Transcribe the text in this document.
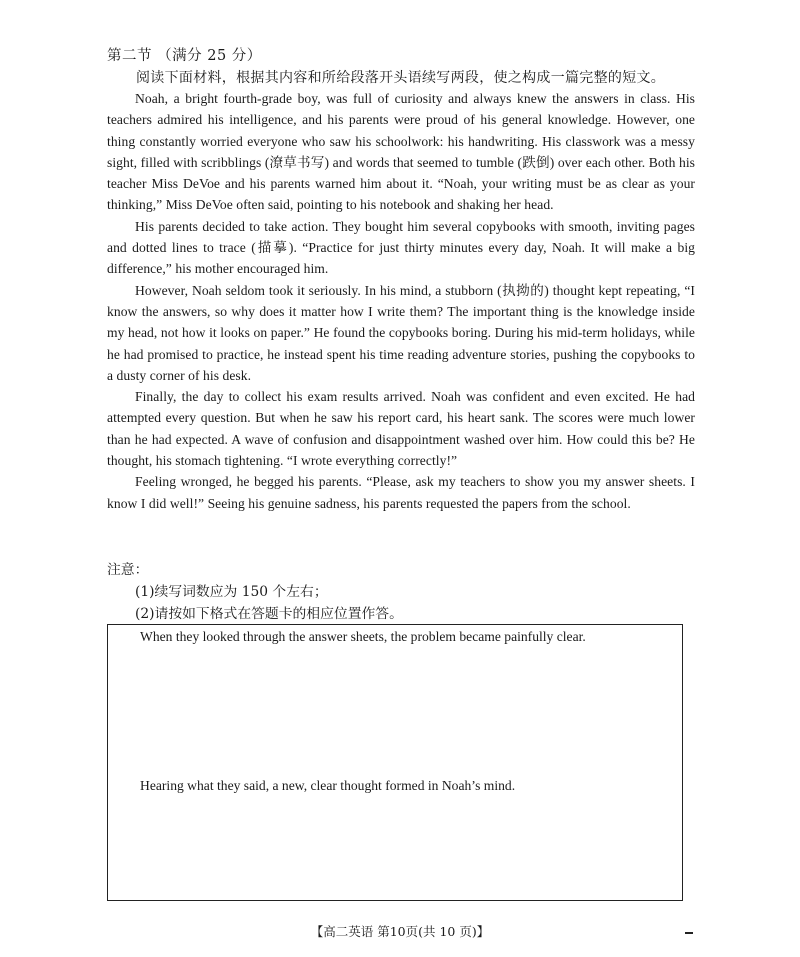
第二节 （满分 25 分）
阅读下面材料，根据其内容和所给段落开头语续写两段，使之构成一篇完整的短文。

Noah, a bright fourth-grade boy, was full of curiosity and always knew the answers in class. His teachers admired his intelligence, and his parents were proud of his general knowledge. However, one thing constantly worried everyone who saw his schoolwork: his handwriting. His classwork was a messy sight, filled with scribblings (潦草书写) and words that seemed to tumble (跌倒) over each other. Both his teacher Miss DeVoe and his parents warned him about it. “Noah, your writing must be as clear as your thinking,” Miss DeVoe often said, pointing to his notebook and shaking her head.

His parents decided to take action. They bought him several copybooks with smooth, inviting pages and dotted lines to trace (描摹). “Practice for just thirty minutes every day, Noah. It will make a big difference,” his mother encouraged him.

However, Noah seldom took it seriously. In his mind, a stubborn (执拗的) thought kept repeating, “I know the answers, so why does it matter how I write them? The important thing is the knowledge inside my head, not how it looks on paper.” He found the copybooks boring. During his mid-term holidays, while he had promised to practice, he instead spent his time reading adventure stories, pushing the copybooks to a dusty corner of his desk.

Finally, the day to collect his exam results arrived. Noah was confident and even excited. He had attempted every question. But when he saw his report card, his heart sank. The scores were much lower than he had expected. A wave of confusion and disappointment washed over him. How could this be? He thought, his stomach tightening. “I wrote everything correctly!”

Feeling wronged, he begged his parents. “Please, ask my teachers to show you my answer sheets. I know I did well!” Seeing his genuine sadness, his parents requested the papers from the school.

注意：
(1)续写词数应为 150 个左右；
(2)请按如下格式在答题卡的相应位置作答。
When they looked through the answer sheets, the problem became painfully clear.
Hearing what they said, a new, clear thought formed in Noah’s mind.
【高二英语 第10页(共 10 页)】
